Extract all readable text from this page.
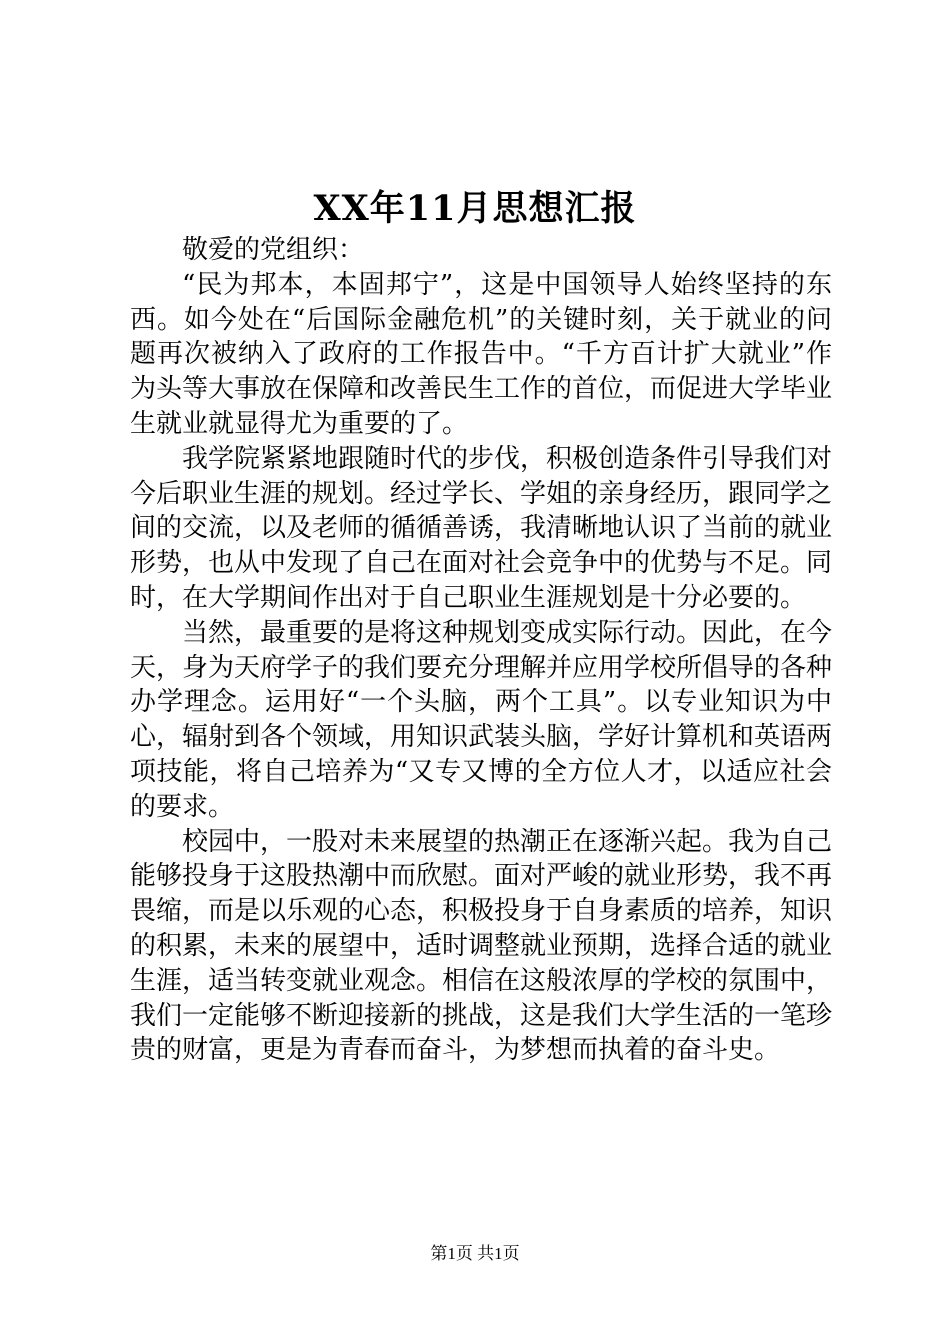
XX年11月思想汇报

敬爱的党组织：

“民为邦本，本固邦宁”，这是中国领导人始终坚持的东西。如今处在“后国际金融危机”的关键时刻，关于就业的问题再次被纳入了政府的工作报告中。“千方百计扩大就业”作为头等大事放在保障和改善民生工作的首位，而促进大学毕业生就业就显得尤为重要的了。

我学院紧紧地跟随时代的步伐，积极创造条件引导我们对今后职业生涯的规划。经过学长、学姐的亲身经历，跟同学之间的交流，以及老师的循循善诱，我清晰地认识了当前的就业形势，也从中发现了自己在面对社会竞争中的优势与不足。同时，在大学期间作出对于自己职业生涯规划是十分必要的。

当然，最重要的是将这种规划变成实际行动。因此，在今天，身为天府学子的我们要充分理解并应用学校所倡导的各种办学理念。运用好“一个头脑，两个工具”。以专业知识为中心，辐射到各个领域，用知识武装头脑，学好计算机和英语两项技能，将自己培养为“又专又博的全方位人才，以适应社会的要求。

校园中，一股对未来展望的热潮正在逐渐兴起。我为自己能够投身于这股热潮中而欣慰。面对严峻的就业形势，我不再畏缩，而是以乐观的心态，积极投身于自身素质的培养，知识的积累，未来的展望中，适时调整就业预期，选择合适的就业生涯，适当转变就业观念。相信在这般浓厚的学校的氛围中，我们一定能够不断迎接新的挑战，这是我们大学生活的一笔珍贵的财富，更是为青春而奋斗，为梦想而执着的奋斗史。

第1页 共1页
